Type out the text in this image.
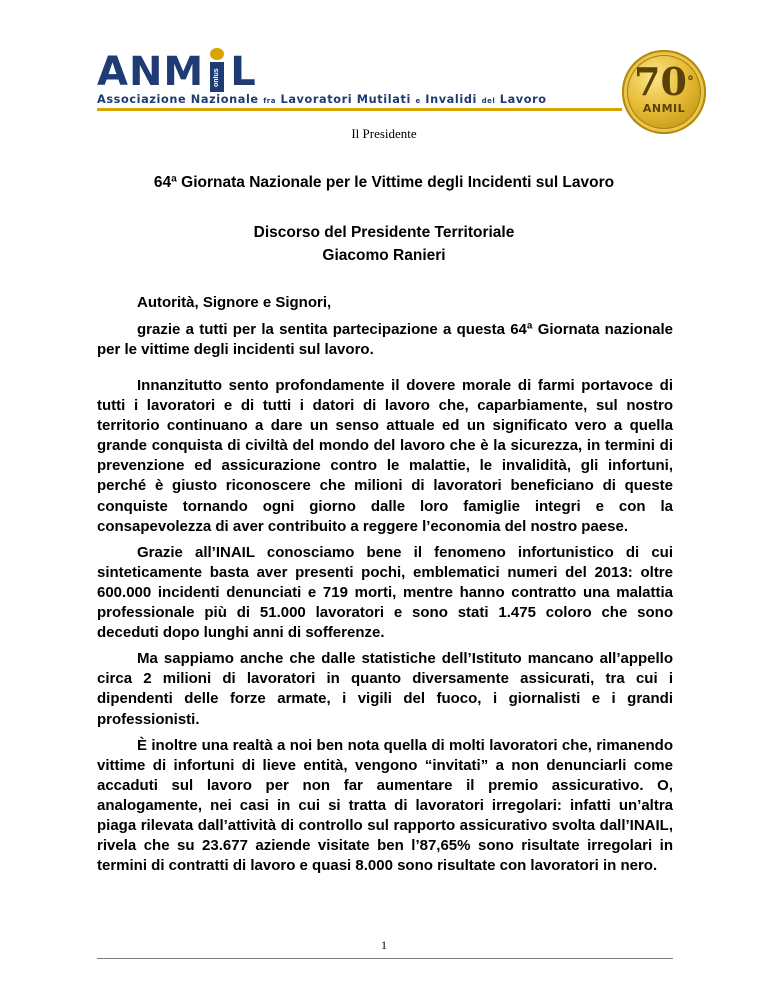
ANM onlus L
Associazione Nazionale fra Lavoratori Mutilati e Invalidi del Lavoro	70°
ANMIL
Il Presidente
64ª Giornata Nazionale per le Vittime degli Incidenti sul Lavoro
Discorso del Presidente Territoriale
Giacomo Ranieri
Autorità, Signore e Signori,

grazie a tutti per la sentita partecipazione a questa 64ª Giornata nazionale per le vittime degli incidenti sul lavoro.

Innanzitutto sento profondamente il dovere morale di farmi portavoce di tutti i lavoratori e di tutti i datori di lavoro che, caparbiamente, sul nostro territorio continuano a dare un senso attuale ed un significato vero a quella grande conquista di civiltà del mondo del lavoro che è la sicurezza, in termini di prevenzione ed assicurazione contro le malattie, le invalidità, gli infortuni, perché è giusto riconoscere che milioni di lavoratori beneficiano di queste conquiste tornando ogni giorno dalle loro famiglie integri e con la consapevolezza di aver contribuito a reggere l’economia del nostro paese.

Grazie all’INAIL conosciamo bene il fenomeno infortunistico di cui sinteticamente basta aver presenti pochi, emblematici numeri del 2013: oltre 600.000 incidenti denunciati e 719 morti, mentre hanno contratto una malattia professionale più di 51.000 lavoratori e sono stati 1.475 coloro che sono deceduti dopo lunghi anni di sofferenze.

Ma sappiamo anche che dalle statistiche dell’Istituto mancano all’appello circa 2 milioni di lavoratori in quanto diversamente assicurati, tra cui i dipendenti delle forze armate, i vigili del fuoco, i giornalisti e i grandi professionisti.

È inoltre una realtà a noi ben nota quella di molti lavoratori che, rimanendo vittime di infortuni di lieve entità, vengono “invitati” a non denunciarli come accaduti sul lavoro per non far aumentare il premio assicurativo. O, analogamente, nei casi in cui si tratta di lavoratori irregolari: infatti un’altra piaga rilevata dall’attività di controllo sul rapporto assicurativo svolta dall’INAIL, rivela che su 23.677 aziende visitate ben l’87,65% sono risultate irregolari in termini di contratti di lavoro e quasi 8.000 sono risultate con lavoratori in nero.

1
